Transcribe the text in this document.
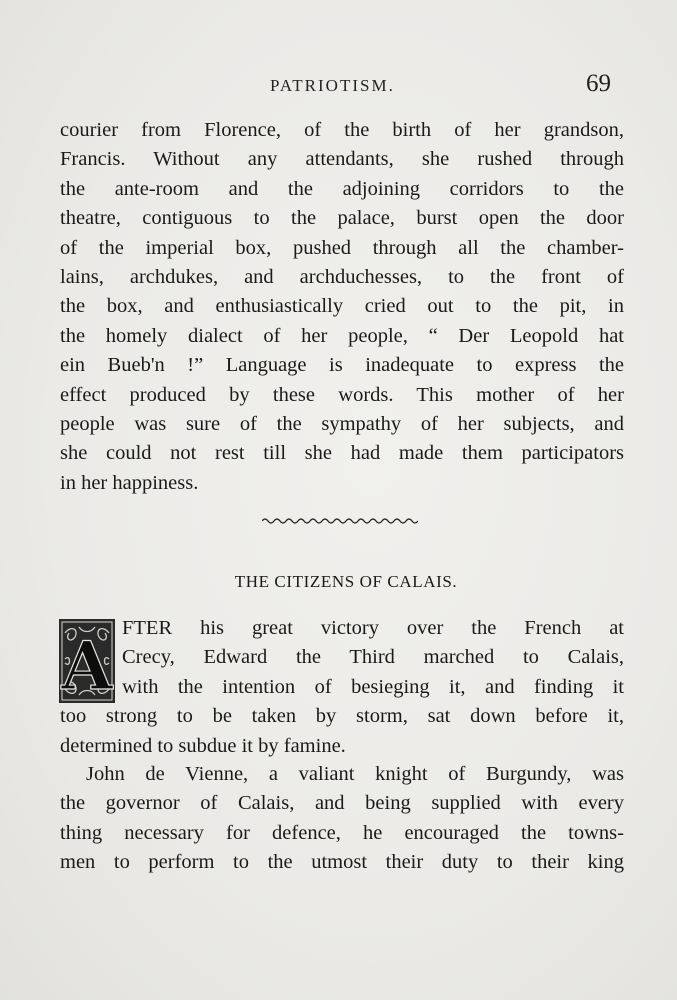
PATRIOTISM.	69
courier from Florence, of the birth of her grandson,
Francis. Without any attendants, she rushed through
the ante-room and the adjoining corridors to the
theatre, contiguous to the palace, burst open the door
of the imperial box, pushed through all the chamber-
lains, archdukes, and archduchesses, to the front of
the box, and enthusiastically cried out to the pit, in
the homely dialect of her people, “ Der Leopold hat
ein Bueb'n !” Language is inadequate to express the
effect produced by these words. This mother of her
people was sure of the sympathy of her subjects, and
she could not rest till she had made them participators
in her happiness.
THE CITIZENS OF CALAIS.
A FTER his great victory over the French at
Crecy, Edward the Third marched to Calais,
with the intention of besieging it, and finding it
too strong to be taken by storm, sat down before it,
determined to subdue it by famine.
John de Vienne, a valiant knight of Burgundy, was
the governor of Calais, and being supplied with every
thing necessary for defence, he encouraged the towns-
men to perform to the utmost their duty to their king
